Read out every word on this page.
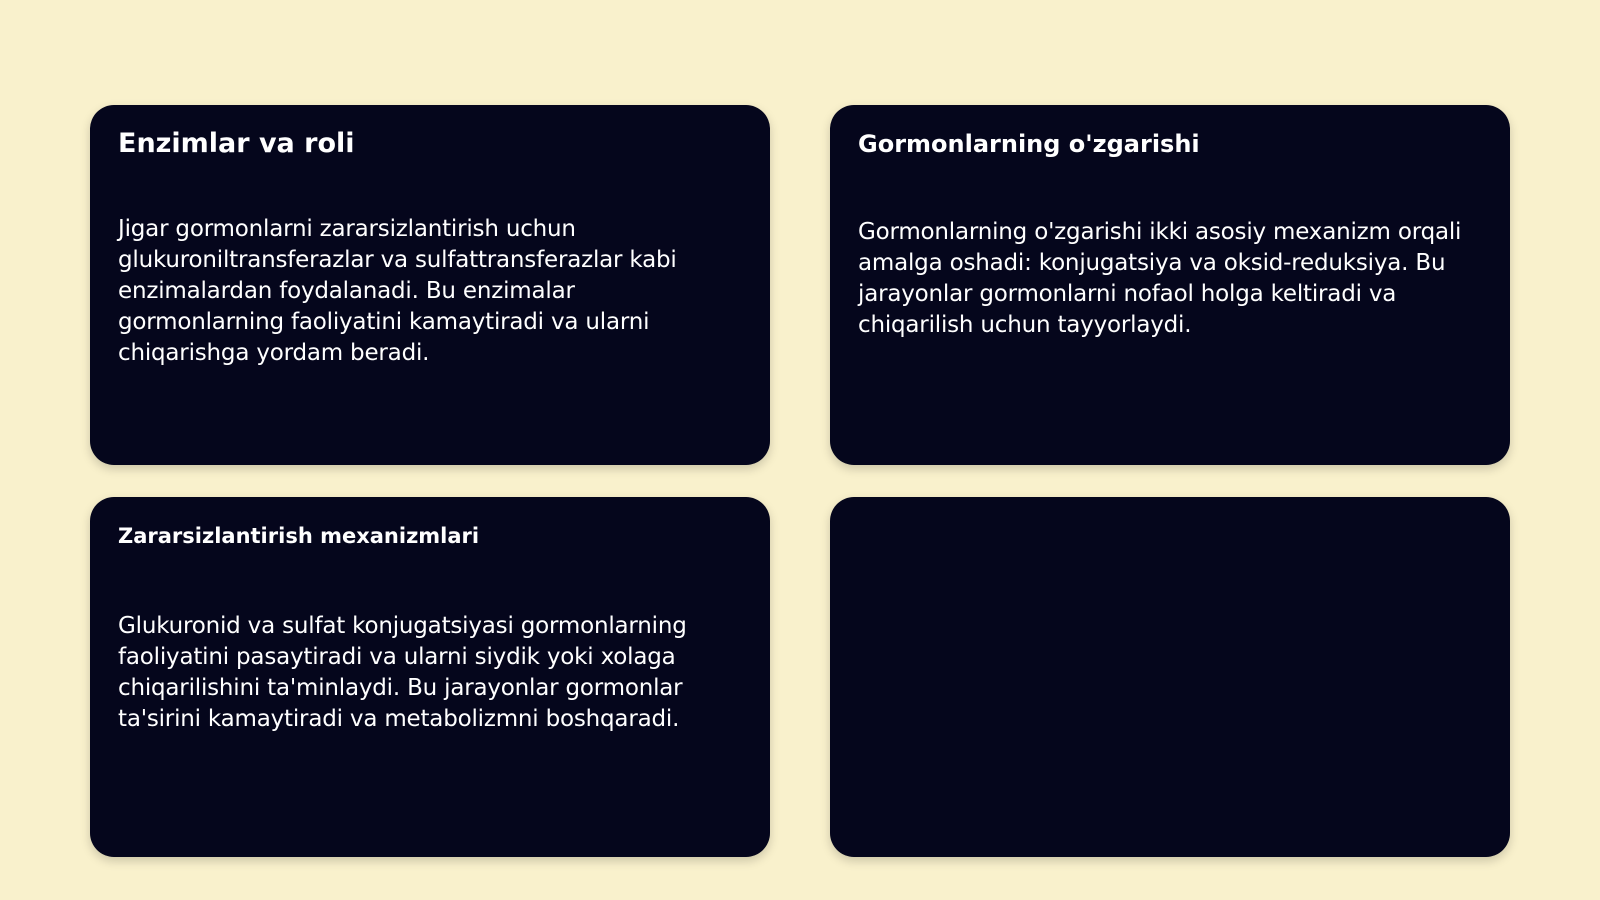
Enzimlar va roli

Jigar gormonlarni zararsizlantirish uchun glukuroniltransferazlar va sulfattransferazlar kabi enzimalardan foydalanadi. Bu enzimalar gormonlarning faoliyatini kamaytiradi va ularni chiqarishga yordam beradi.

Gormonlarning o'zgarishi

Gormonlarning o'zgarishi ikki asosiy mexanizm orqali amalga oshadi: konjugatsiya va oksid-reduksiya. Bu jarayonlar gormonlarni nofaol holga keltiradi va chiqarilish uchun tayyorlaydi.

Zararsizlantirish mexanizmlari

Glukuronid va sulfat konjugatsiyasi gormonlarning faoliyatini pasaytiradi va ularni siydik yoki xolaga chiqarilishini ta'minlaydi. Bu jarayonlar gormonlar ta'sirini kamaytiradi va metabolizmni boshqaradi.
